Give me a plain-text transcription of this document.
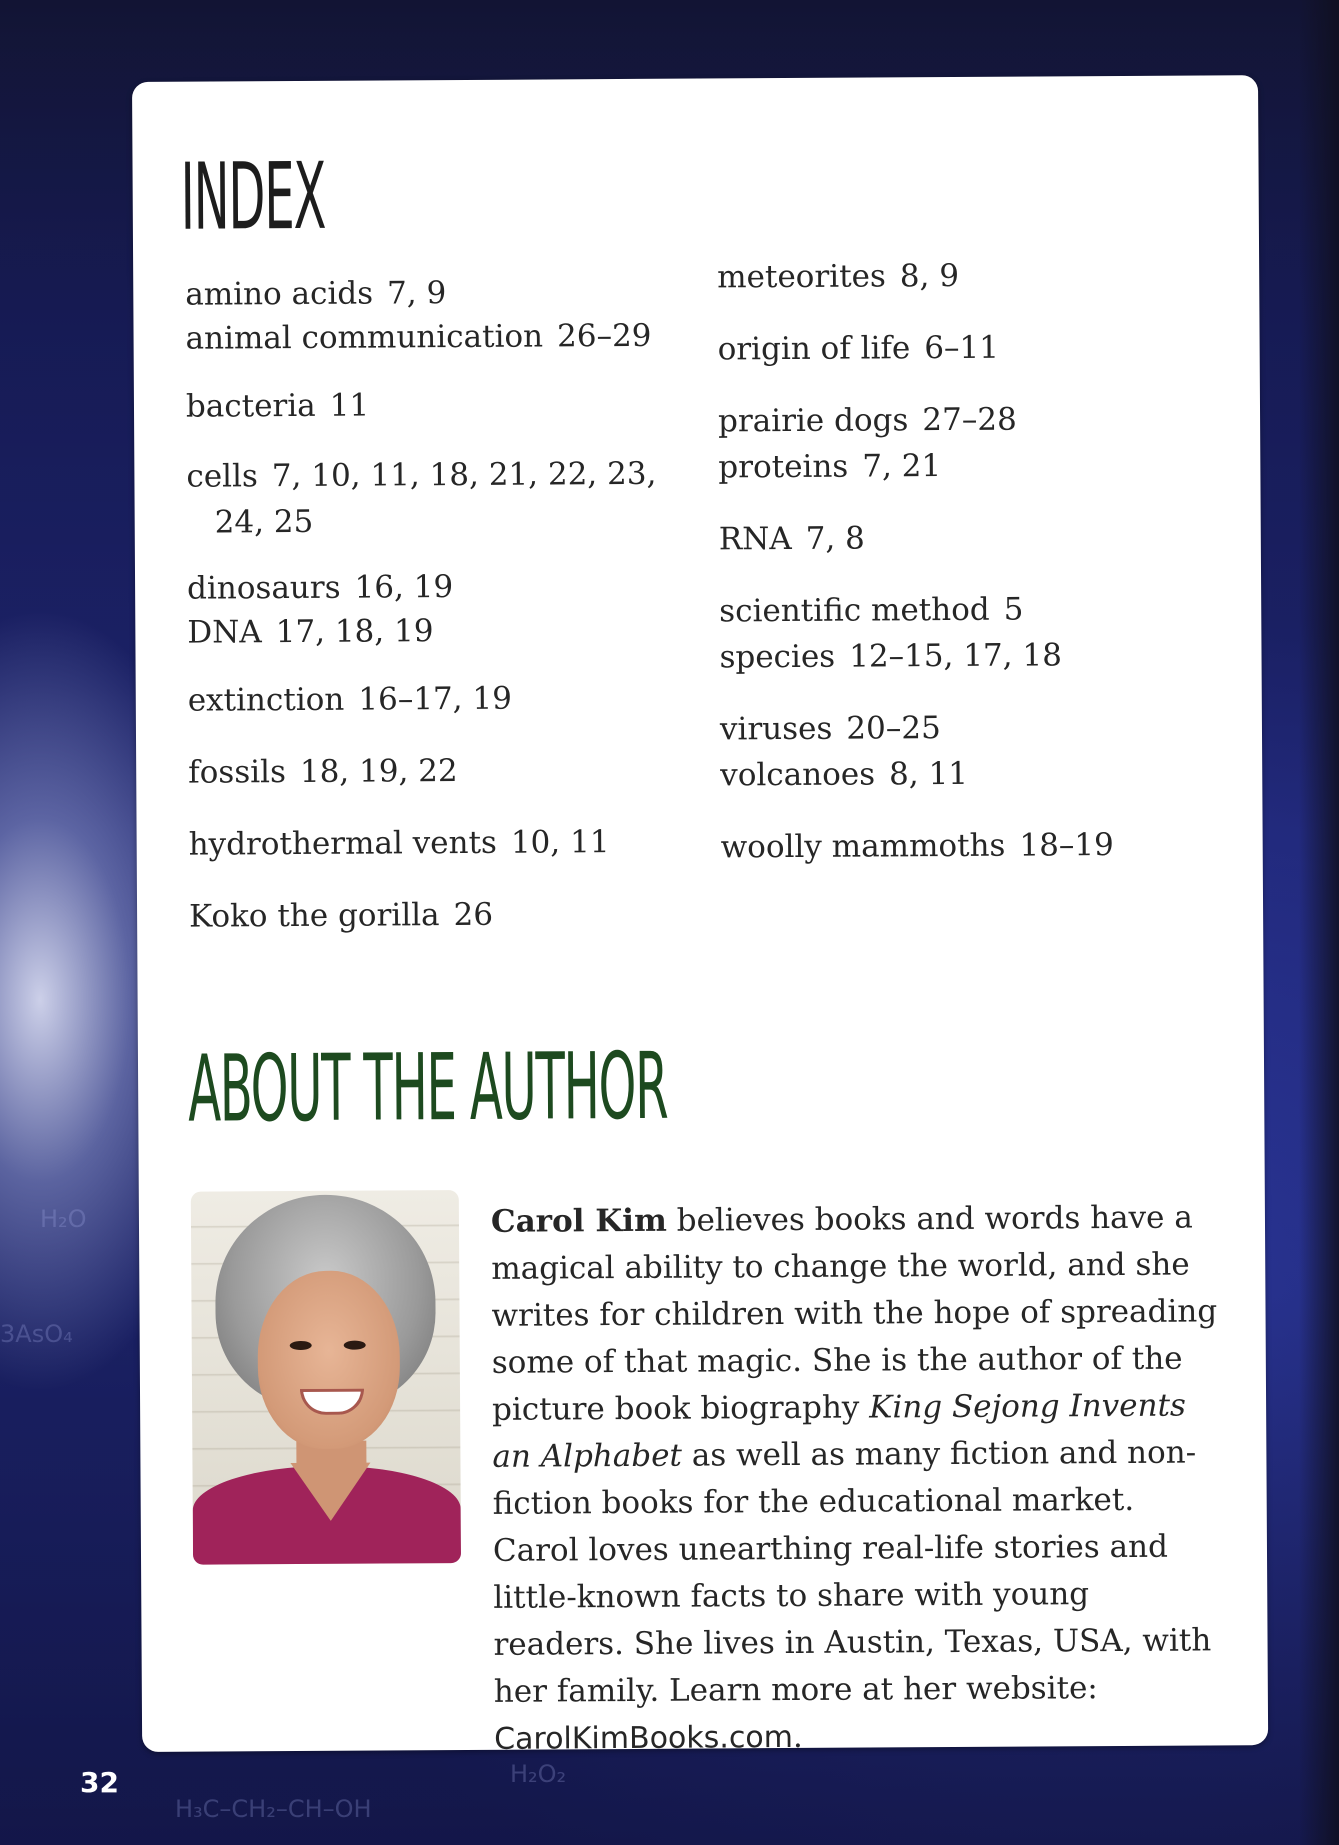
H₂O
3AsO₄
H₃C–CH₂–CH–OH
H₂O₂
INDEX
amino acids 7, 9
animal communication 26–29
bacteria 11
cells 7, 10, 11, 18, 21, 22, 23,
24, 25
dinosaurs 16, 19
DNA 17, 18, 19
extinction 16–17, 19
fossils 18, 19, 22
hydrothermal vents 10, 11
Koko the gorilla 26
meteorites 8, 9
origin of life 6–11
prairie dogs 27–28
proteins 7, 21
RNA 7, 8
scientific method 5
species 12–15, 17, 18
viruses 20–25
volcanoes 8, 11
woolly mammoths 18–19
ABOUT THE AUTHOR

Carol Kim believes books and words have a magical ability to change the world, and she writes for children with the hope of spreading some of that magic. She is the author of the picture book biography King Sejong Invents an Alphabet as well as many fiction and non-fiction books for the educational market. Carol loves unearthing real-life stories and little-known facts to share with young readers. She lives in Austin, Texas, USA, with her family. Learn more at her website: CarolKimBooks.com.

32
